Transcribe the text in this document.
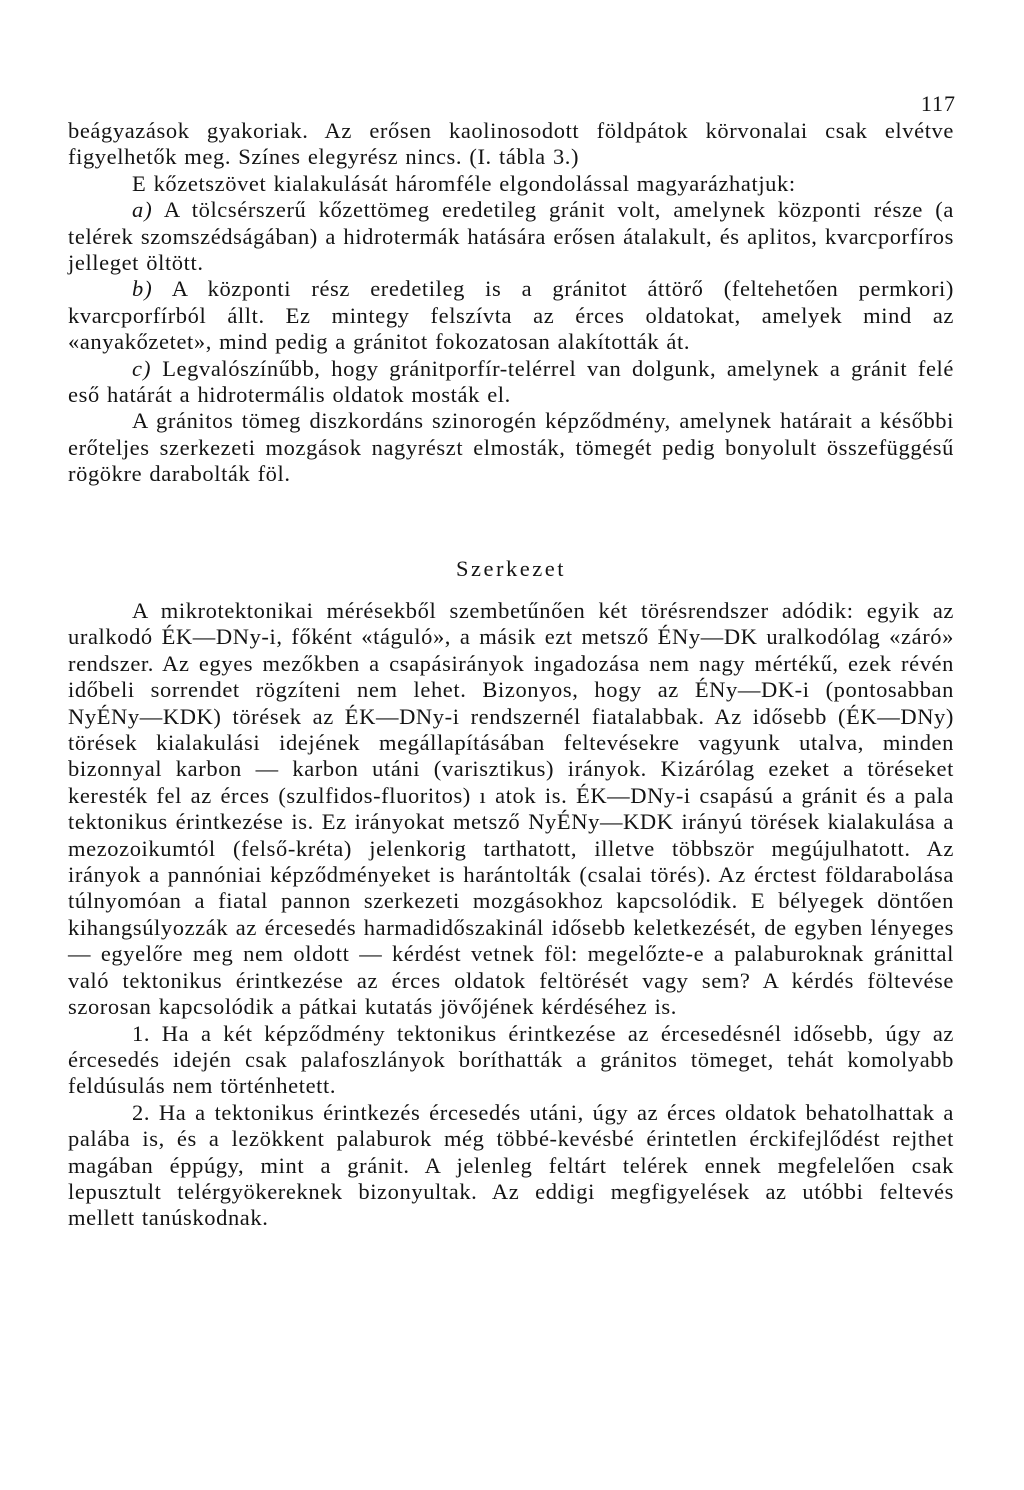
117

beágyazások gyakoriak. Az erősen kaolinosodott földpátok körvonalai csak elvétve figyelhetők meg. Színes elegyrész nincs. (I. tábla 3.)

E kőzetszövet kialakulását háromféle elgondolással magyarázhatjuk:

a) A tölcsérszerű kőzettömeg eredetileg gránit volt, amelynek központi része (a telérek szomszédságában) a hidrotermák hatására erősen átalakult, és aplitos, kvarcporfíros jelleget öltött.

b) A központi rész eredetileg is a gránitot áttörő (feltehetően permkori) kvarcporfírból állt. Ez mintegy felszívta az érces oldatokat, amelyek mind az «anyakőzetet», mind pedig a gránitot fokozatosan alakították át.

c) Legvalószínűbb, hogy gránitporfír-telérrel van dolgunk, amelynek a gránit felé eső határát a hidrotermális oldatok mosták el.

A gránitos tömeg diszkordáns szinorogén képződmény, amelynek határait a későbbi erőteljes szerkezeti mozgások nagyrészt elmosták, tömegét pedig bonyolult összefüggésű rögökre darabolták föl.

Szerkezet

A mikrotektonikai mérésekből szembetűnően két törésrendszer adódik: egyik az uralkodó ÉK—DNy-i, főként «táguló», a másik ezt metsző ÉNy—DK uralkodólag «záró» rendszer. Az egyes mezőkben a csapásirányok ingadozása nem nagy mértékű, ezek révén időbeli sorrendet rögzíteni nem lehet. Bizonyos, hogy az ÉNy—DK-i (pontosabban NyÉNy—KDK) törések az ÉK—DNy-i rendszernél fiatalabbak. Az idősebb (ÉK—DNy) törések kialakulási idejének megállapításában feltevésekre vagyunk utalva, minden bizonnyal karbon — karbon utáni (varisztikus) irányok. Kizárólag ezeket a töréseket keresték fel az érces (szulfidos-fluoritos) ı atok is. ÉK—DNy-i csapású a gránit és a pala tektonikus érintkezése is. Ez irányokat metsző NyÉNy—KDK irányú törések kialakulása a mezozoikumtól (felső-kréta) jelenkorig tarthatott, illetve többször megújulhatott. Az irányok a pannóniai képződményeket is harántolták (csalai törés). Az érctest földarabolása túlnyomóan a fiatal pannon szerkezeti mozgásokhoz kapcsolódik. E bélyegek döntően kihangsúlyozzák az ércesedés harmadidőszakinál idősebb keletkezését, de egyben lényeges — egyelőre meg nem oldott — kérdést vetnek föl: megelőzte-e a palaburoknak gránittal való tektonikus érintkezése az érces oldatok feltörését vagy sem? A kérdés föltevése szorosan kapcsolódik a pátkai kutatás jövőjének kérdéséhez is.

1. Ha a két képződmény tektonikus érintkezése az ércesedésnél idősebb, úgy az ércesedés idején csak palafoszlányok boríthatták a gránitos tömeget, tehát komolyabb feldúsulás nem történhetett.

2. Ha a tektonikus érintkezés ércesedés utáni, úgy az érces oldatok behatolhattak a palába is, és a lezökkent palaburok még többé-kevésbé érintetlen érckifejlődést rejthet magában éppúgy, mint a gránit. A jelenleg feltárt telérek ennek megfelelően csak lepusztult telérgyökereknek bizonyultak. Az eddigi megfigyelések az utóbbi feltevés mellett tanúskodnak.
